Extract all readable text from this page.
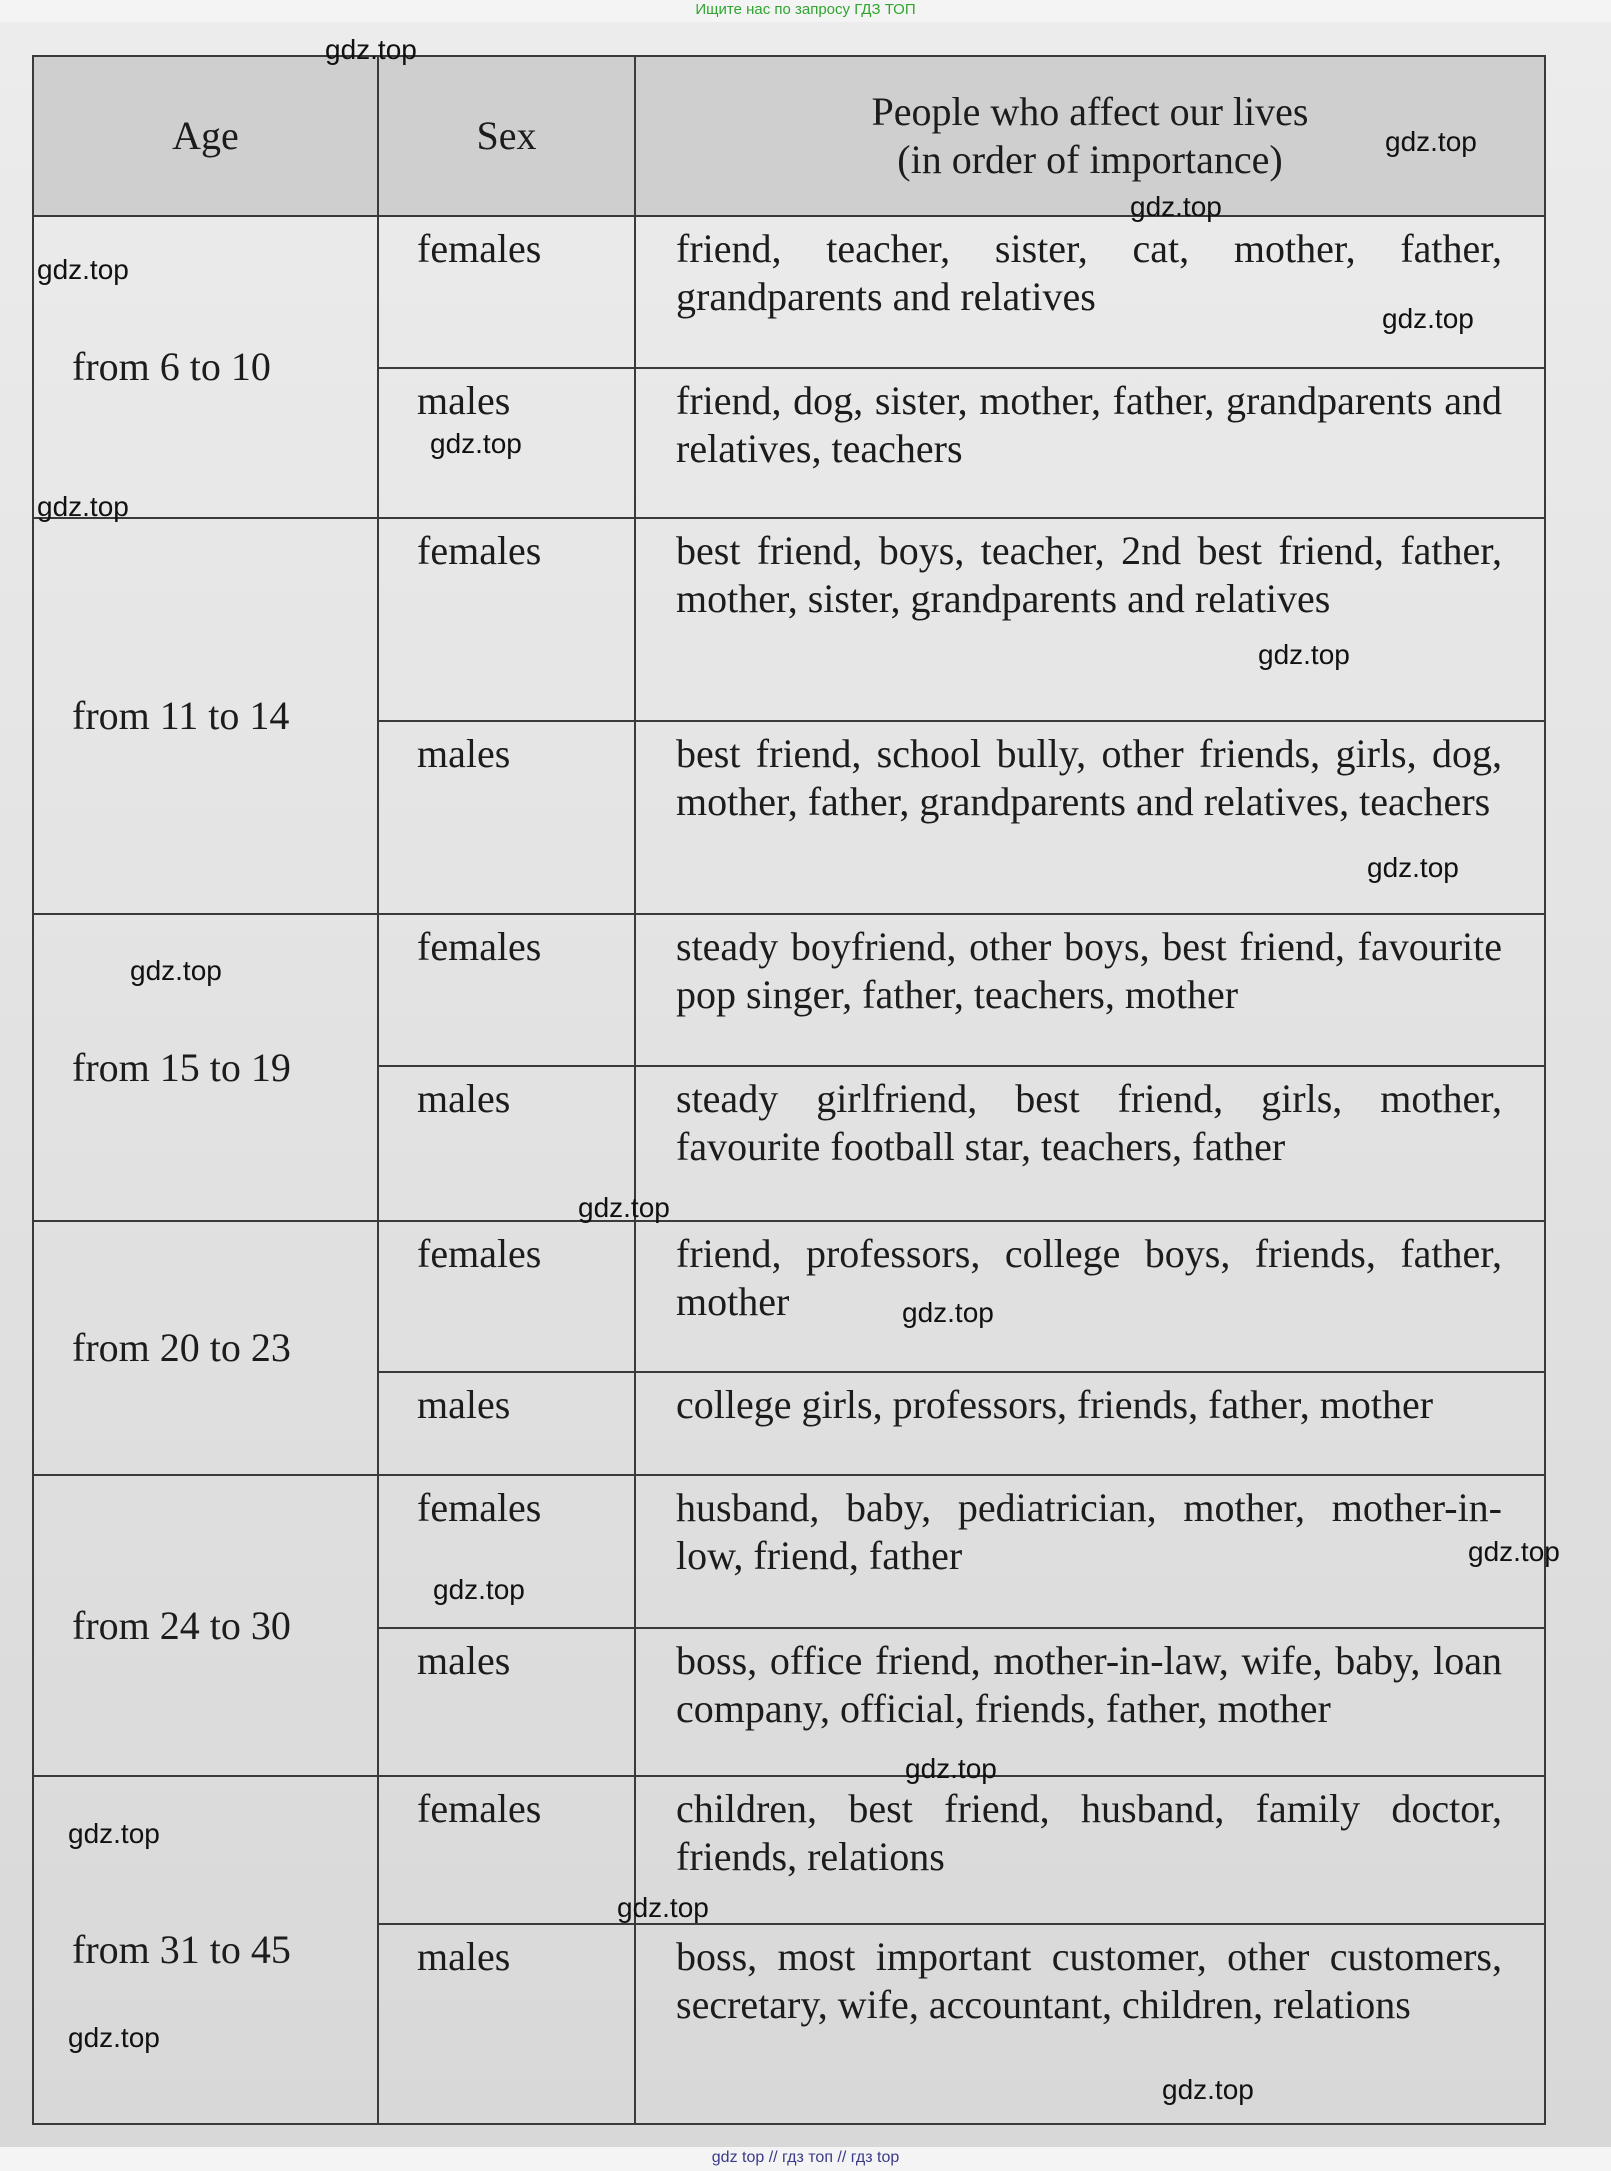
Ищите нас по запросу ГДЗ ТОП
Age	Sex	People who affect our lives
(in order of importance)

from 6 to 10	females	friend, teacher, sister, cat, mother, father, grandparents and relatives
	males	friend, dog, sister, mother, father, grandparents and relatives, teachers
from 11 to 14	females	best friend, boys, teacher, 2nd best friend, father, mother, sister, grandparents and relatives
	males	best friend, school bully, other friends, girls, dog, mother, father, grandparents and relatives, teachers
from 15 to 19	females	steady boyfriend, other boys, best friend, favourite pop singer, father, teachers, mother
	males	steady girlfriend, best friend, girls, mother, favourite football star, teachers, father
from 20 to 23	females	friend, professors, college boys, friends, father, mother
	males	college girls, professors, friends, father, mother
from 24 to 30	females	husband, baby, pediatrician, mother, mother-in-low, friend, father
	males	boss, office friend, mother-in-law, wife, baby, loan company, official, friends, father, mother
from 31 to 45	females	children, best friend, husband, family doctor, friends, relations
	males	boss, most important customer, other customers, secretary, wife, accountant, children, relations
gdz.top
gdz.top
gdz.top
gdz.top
gdz.top
gdz.top
gdz.top
gdz.top
gdz.top
gdz.top
gdz.top
gdz.top
gdz.top
gdz.top
gdz.top
gdz.top
gdz.top
gdz.top
gdz.top
gdz top // гдз топ // гдз top
